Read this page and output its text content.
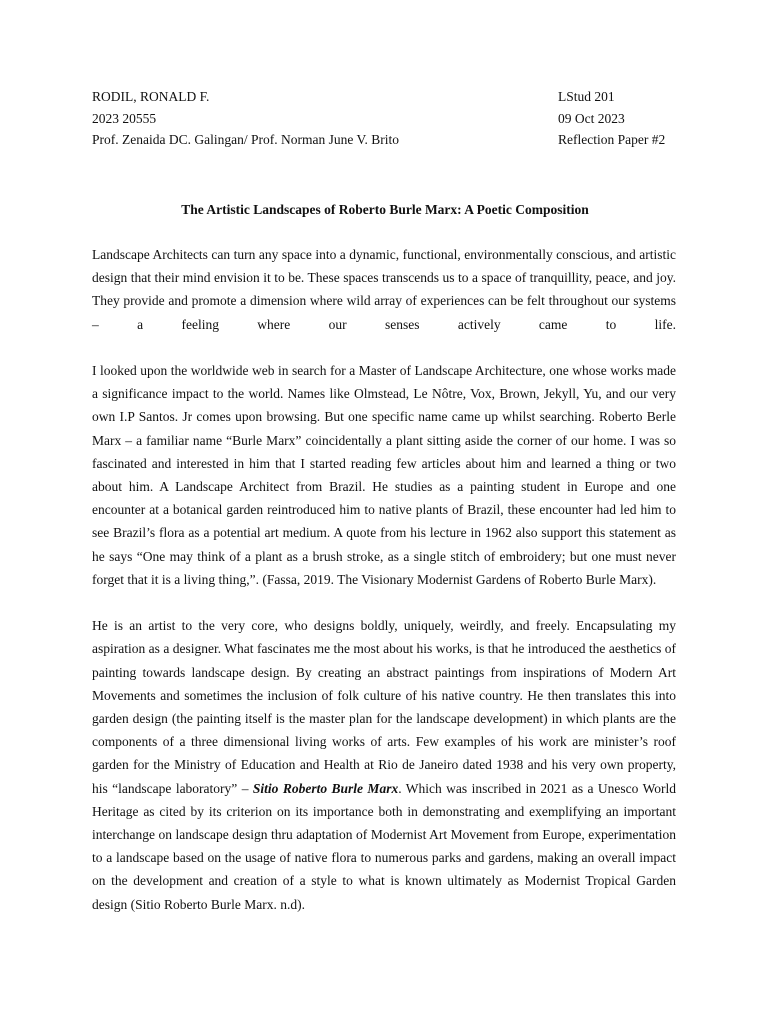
RODIL, RONALD F.	LStud 201
2023 20555	09 Oct 2023
Prof. Zenaida DC. Galingan/ Prof. Norman June V. Brito	Reflection Paper #2
The Artistic Landscapes of Roberto Burle Marx: A Poetic Composition

Landscape Architects can turn any space into a dynamic, functional, environmentally conscious, and artistic design that their mind envision it to be. These spaces transcends us to a space of tranquillity, peace, and joy. They provide and promote a dimension where wild array of experiences can be felt throughout our systems – a feeling where our senses actively came to life.

I looked upon the worldwide web in search for a Master of Landscape Architecture, one whose works made a significance impact to the world. Names like Olmstead, Le Nôtre, Vox, Brown, Jekyll, Yu, and our very own I.P Santos. Jr comes upon browsing. But one specific name came up whilst searching. Roberto Berle Marx – a familiar name “Burle Marx” coincidentally a plant sitting aside the corner of our home. I was so fascinated and interested in him that I started reading few articles about him and learned a thing or two about him. A Landscape Architect from Brazil. He studies as a painting student in Europe and one encounter at a botanical garden reintroduced him to native plants of Brazil, these encounter had led him to see Brazil’s flora as a potential art medium. A quote from his lecture in 1962 also support this statement as he says “One may think of a plant as a brush stroke, as a single stitch of embroidery; but one must never forget that it is a living thing,”. (Fassa, 2019. The Visionary Modernist Gardens of Roberto Burle Marx).

He is an artist to the very core, who designs boldly, uniquely, weirdly, and freely. Encapsulating my aspiration as a designer. What fascinates me the most about his works, is that he introduced the aesthetics of painting towards landscape design. By creating an abstract paintings from inspirations of Modern Art Movements and sometimes the inclusion of folk culture of his native country. He then translates this into garden design (the painting itself is the master plan for the landscape development) in which plants are the components of a three dimensional living works of arts. Few examples of his work are minister’s roof garden for the Ministry of Education and Health at Rio de Janeiro dated 1938 and his very own property, his “landscape laboratory” – Sitio Roberto Burle Marx. Which was inscribed in 2021 as a Unesco World Heritage as cited by its criterion on its importance both in demonstrating and exemplifying an important interchange on landscape design thru adaptation of Modernist Art Movement from Europe, experimentation to a landscape based on the usage of native flora to numerous parks and gardens, making an overall impact on the development and creation of a style to what is known ultimately as Modernist Tropical Garden design (Sitio Roberto Burle Marx. n.d).
